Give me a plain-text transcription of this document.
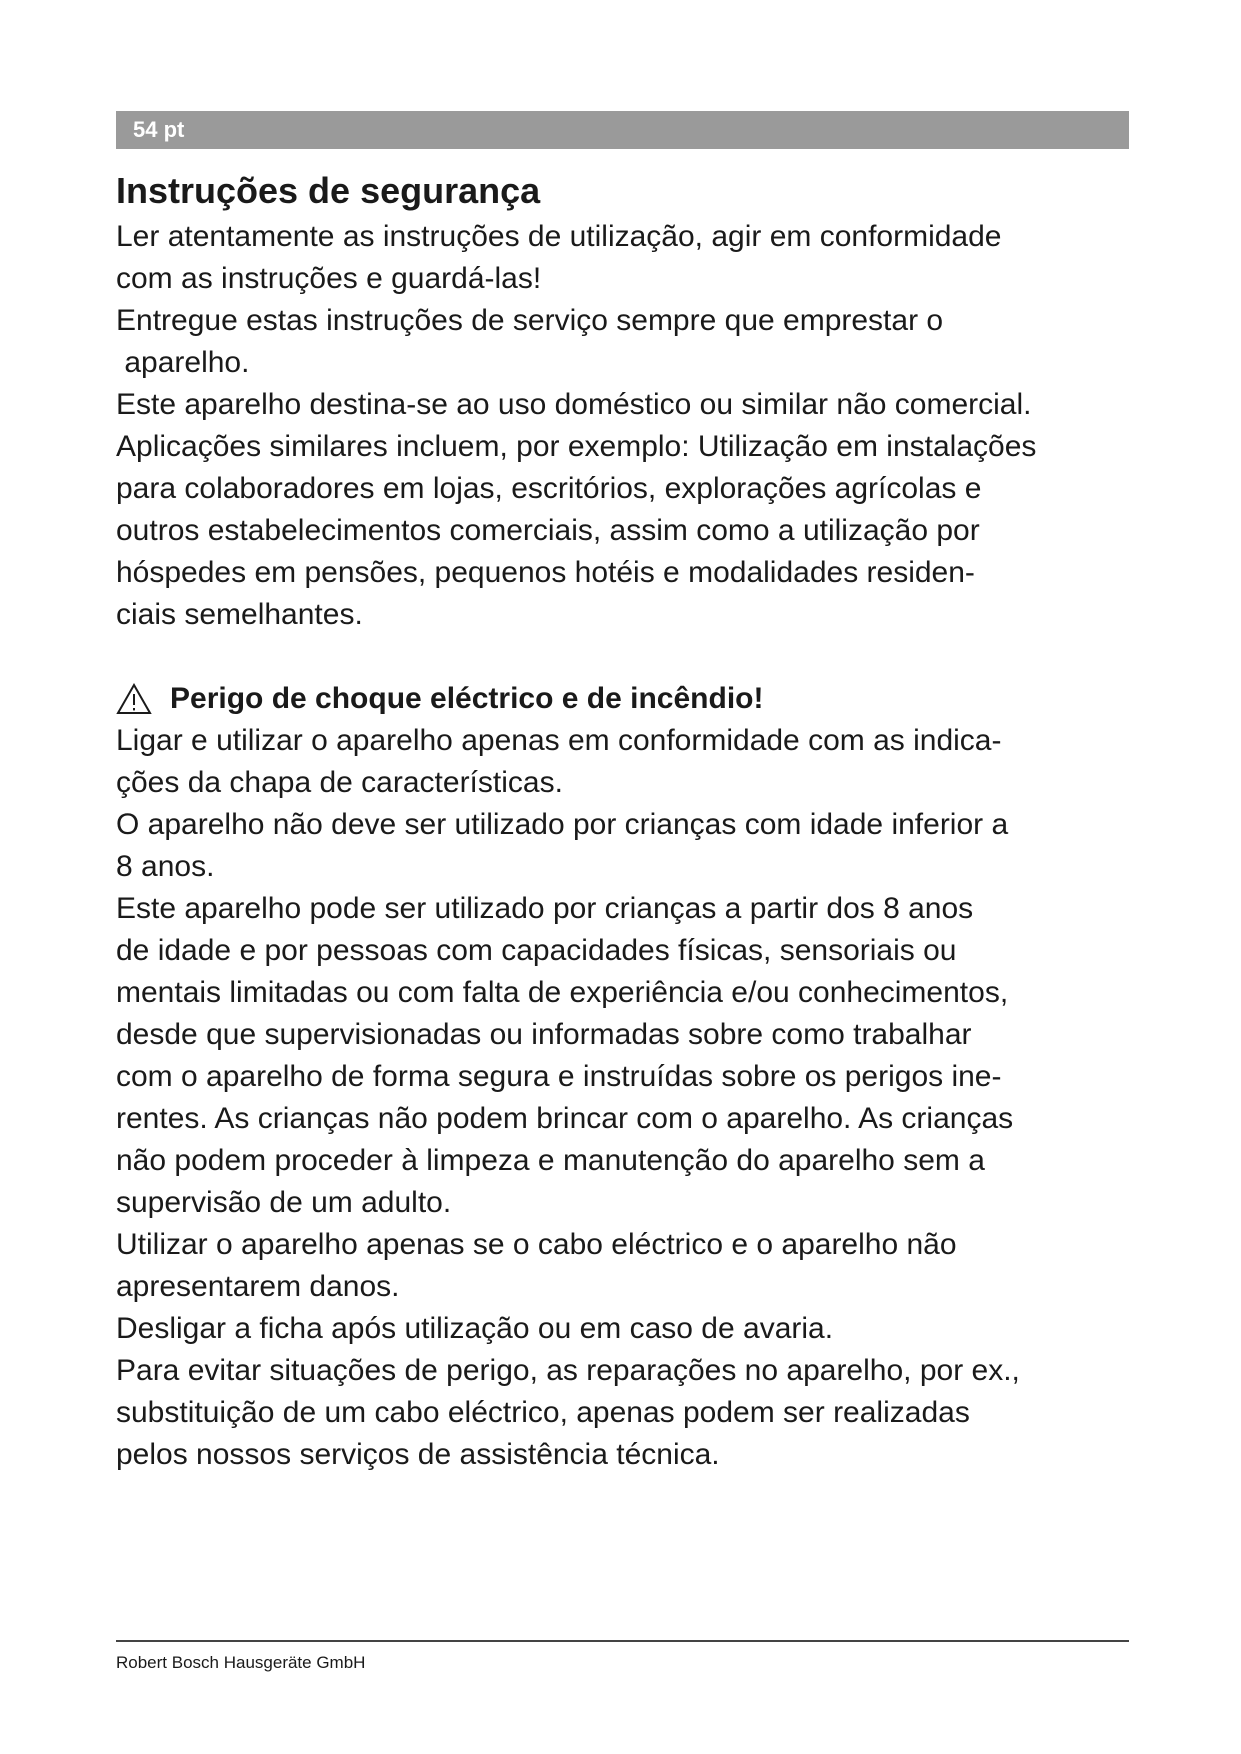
54 pt
Instruções de segurança
Ler atentamente as instruções de utilização, agir em conformidade
com as instruções e guardá-las!
Entregue estas instruções de serviço sempre que emprestar o
aparelho.
Este aparelho destina-se ao uso doméstico ou similar não comercial.
Aplicações similares incluem, por exemplo: Utilização em instalações
para colaboradores em lojas, escritórios, explorações agrícolas e
outros estabelecimentos comerciais, assim como a utilização por
hóspedes em pensões, pequenos hotéis e modalidades residen-
ciais semelhantes.
Perigo de choque eléctrico e de incêndio!
Ligar e utilizar o aparelho apenas em conformidade com as indica-
ções da chapa de características.
O aparelho não deve ser utilizado por crianças com idade inferior a
8 anos.
Este aparelho pode ser utilizado por crianças a partir dos 8 anos
de idade e por pessoas com capacidades físicas, sensoriais ou
mentais limitadas ou com falta de experiência e/ou conhecimentos,
desde que supervisionadas ou informadas sobre como trabalhar
com o aparelho de forma segura e instruídas sobre os perigos ine-
rentes. As crianças não podem brincar com o aparelho. As crianças
não podem proceder à limpeza e manutenção do aparelho sem a
supervisão de um adulto.
Utilizar o aparelho apenas se o cabo eléctrico e o aparelho não
apresentarem danos.
Desligar a ficha após utilização ou em caso de avaria.
Para evitar situações de perigo, as reparações no aparelho, por ex.,
substituição de um cabo eléctrico, apenas podem ser realizadas
pelos nossos serviços de assistência técnica.
Robert Bosch Hausgeräte GmbH
